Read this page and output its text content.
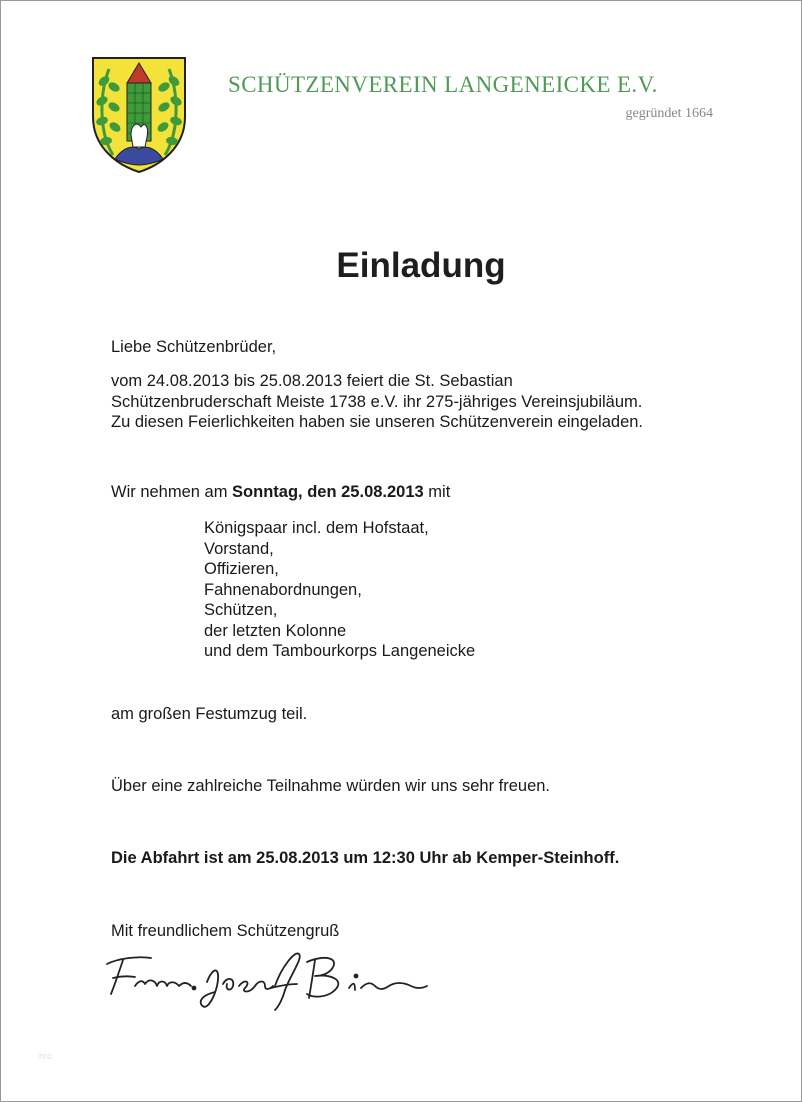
SCHÜTZENVEREIN LANGENEICKE E.V.
gegründet 1664
Einladung
Liebe Schützenbrüder,
vom 24.08.2013 bis 25.08.2013 feiert die St. Sebastian
Schützenbruderschaft Meiste 1738 e.V. ihr 275-jähriges Vereinsjubiläum.
Zu diesen Feierlichkeiten haben sie unseren Schützenverein eingeladen.
Wir nehmen am Sonntag, den 25.08.2013 mit
Königspaar incl. dem Hofstaat,
Vorstand,
Offizieren,
Fahnenabordnungen,
Schützen,
der letzten Kolonne
und dem Tambourkorps Langeneicke
am großen Festumzug teil.
Über eine zahlreiche Teilnahme würden wir uns sehr freuen.
Die Abfahrt ist am 25.08.2013 um 12:30 Uhr ab Kemper-Steinhoff.
Mit freundlichem Schützengruß
hro
